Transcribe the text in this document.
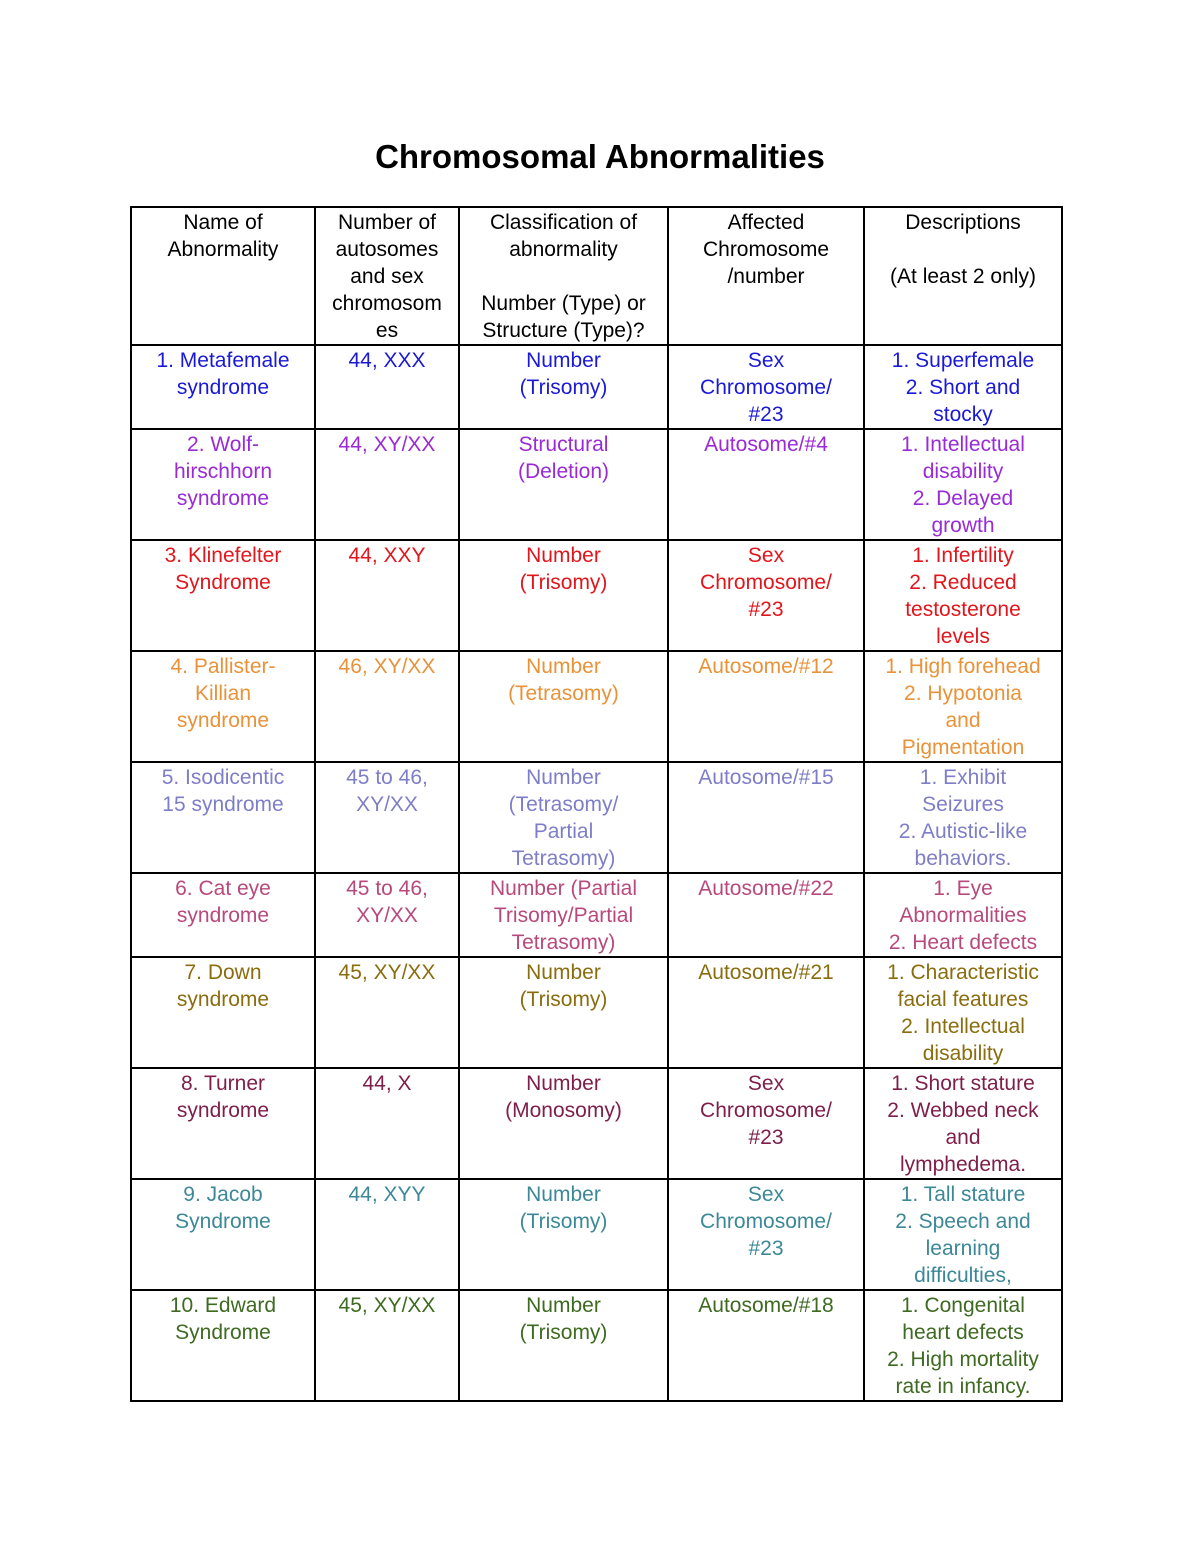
Chromosomal Abnormalities
Name of
Abnormality	Number of
autosomes
and sex
chromosom
es	Classification of
abnormality
Number (Type) or
Structure (Type)?	Affected
Chromosome
/number	Descriptions
(At least 2 only)

1. Metafemale
syndrome	44, XXX	Number
(Trisomy)	Sex
Chromosome/
#23	1. Superfemale
2. Short and
stocky

2. Wolf-
hirschhorn
syndrome	44, XY/XX	Structural
(Deletion)	Autosome/#4	1. Intellectual
disability
2. Delayed
growth

3. Klinefelter
Syndrome	44, XXY	Number
(Trisomy)	Sex
Chromosome/
#23	1. Infertility
2. Reduced
testosterone
levels

4. Pallister-
Killian
syndrome	46, XY/XX	Number
(Tetrasomy)	Autosome/#12	1. High forehead
2. Hypotonia
and
Pigmentation

5. Isodicentic
15 syndrome	45 to 46,
XY/XX	Number
(Tetrasomy/
Partial
Tetrasomy)	Autosome/#15	1. Exhibit
Seizures
2. Autistic-like
behaviors.

6. Cat eye
syndrome	45 to 46,
XY/XX	Number (Partial
Trisomy/Partial
Tetrasomy)	Autosome/#22	1. Eye
Abnormalities
2. Heart defects

7. Down
syndrome	45, XY/XX	Number
(Trisomy)	Autosome/#21	1. Characteristic
facial features
2. Intellectual
disability

8. Turner
syndrome	44, X	Number
(Monosomy)	Sex
Chromosome/
#23	1. Short stature
2. Webbed neck
and
lymphedema.

9. Jacob
Syndrome	44, XYY	Number
(Trisomy)	Sex
Chromosome/
#23	1. Tall stature
2. Speech and
learning
difficulties,

10. Edward
Syndrome	45, XY/XX	Number
(Trisomy)	Autosome/#18	1. Congenital
heart defects
2. High mortality
rate in infancy.
